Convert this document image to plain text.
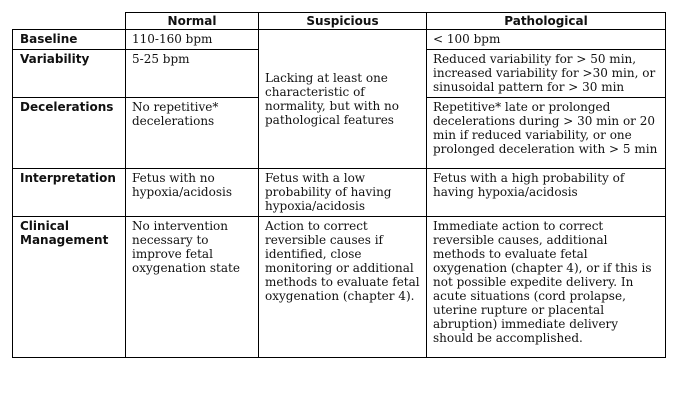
	Normal	Suspicious	Pathological
Baseline	110-160 bpm	Lacking at least one characteristic of normality, but with no pathological features	< 100 bpm
Variability	5-25 bpm		Reduced variability for > 50 min, increased variability for >30 min, or sinusoidal pattern for > 30 min
Decelerations	No repetitive* decelerations		Repetitive* late or prolonged decelerations during > 30 min or 20 min if reduced variability, or one prolonged deceleration with > 5 min
Interpretation	Fetus with no hypoxia/acidosis	Fetus with a low probability of having hypoxia/acidosis	Fetus with a high probability of having hypoxia/acidosis
Clinical Management	No intervention necessary to improve fetal oxygenation state	Action to correct reversible causes if identified, close monitoring or additional methods to evaluate fetal oxygenation (chapter 4).	Immediate action to correct reversible causes, additional methods to evaluate fetal oxygenation (chapter 4), or if this is not possible expedite delivery. In acute situations (cord prolapse, uterine rupture or placental abruption) immediate delivery should be accomplished.
